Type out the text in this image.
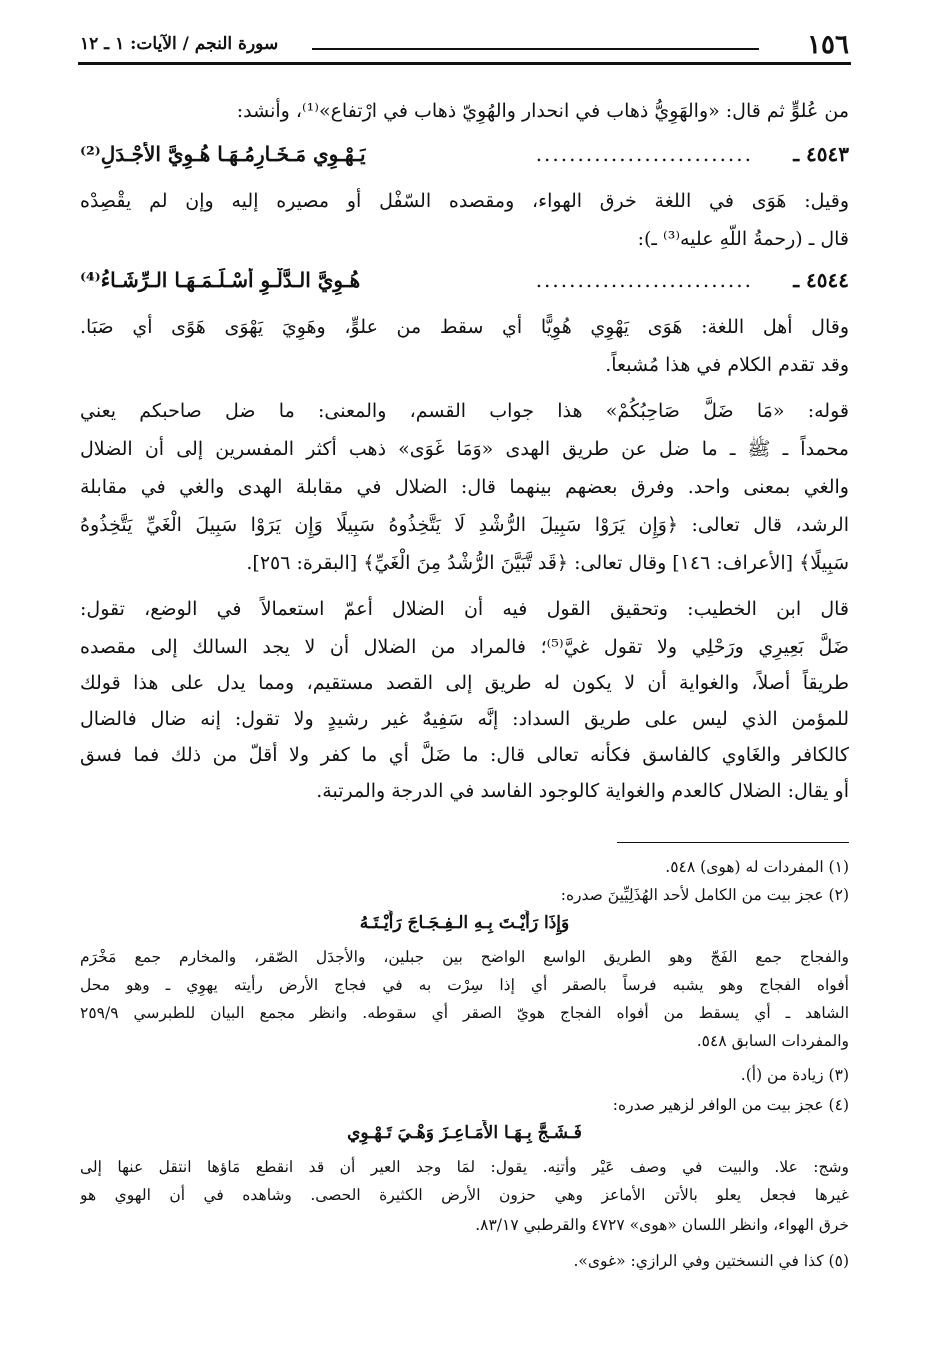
١٥٦
سورة النجم / الآيات: ١ ـ ١٢
من عُلوٍّ ثم قال: «والهَوِيُّ ذهاب في انحدار والهُوِيّ ذهاب في ارْتفاع»⁽¹⁾، وأنشد:
٤٥٤٣ ـ
..........................
يَـهْـوِي مَـخَـارِمُـهَـا هُـوِيَّ الأَجْـدَلِ⁽²⁾
وقيل: هَوَى في اللغة خرق الهواء، ومقصده السّفْل أو مصيره إليه وإن لم يقْصِدْه
قال ـ (رحمةُ اللّهِ عليه⁽³⁾ ـ):
٤٥٤٤ ـ
..........................
هُـوِيَّ الـدَّلْـوِ أَسْـلَـمَـهَـا الـرِّشَـاءُ⁽⁴⁾
وقال أهل اللغة: هَوَى يَهْوِي هُوِيًّا أي سقط من علوٍّ، وهَوِيَ يَهْوَى هَوًى أي صَبَا.
وقد تقدم الكلام في هذا مُشبعاً.
قوله: «مَا ضَلَّ صَاحِبُكُمْ» هذا جواب القسم، والمعنى: ما ضل صاحبكم يعني
محمداً ـ ﷺ ـ ما ضل عن طريق الهدى «وَمَا غَوَى» ذهب أكثر المفسرين إلى أن الضلال
والغي بمعنى واحد. وفرق بعضهم بينهما قال: الضلال في مقابلة الهدى والغي في مقابلة
الرشد، قال تعالى: ﴿وَإِن يَرَوْا سَبِيلَ الرُّشْدِ لَا يَتَّخِذُوهُ سَبِيلًا وَإِن يَرَوْا سَبِيلَ الْغَيِّ يَتَّخِذُوهُ
سَبِيلًا﴾ [الأعراف: ١٤٦] وقال تعالى: ﴿قَد تَّبَيَّنَ الرُّشْدُ مِنَ الْغَيِّ﴾ [البقرة: ٢٥٦].
قال ابن الخطيب: وتحقيق القول فيه أن الضلال أعمّ استعمالاً في الوضع، تقول:
ضَلَّ بَعِيرِي ورَحْلِي ولا تقول غيَّ⁽⁵⁾؛ فالمراد من الضلال أن لا يجد السالك إلى مقصده
طريقاً أصلاً، والغواية أن لا يكون له طريق إلى القصد مستقيم، ومما يدل على هذا قولك
للمؤمن الذي ليس على طريق السداد: إنَّه سَفِيهٌ غير رشيدٍ ولا تقول: إنه ضال فالضال
كالكافر والغَاوي كالفاسق فكأنه تعالى قال: ما ضَلَّ أي ما كفر ولا أقلّ من ذلك فما فسق
أو يقال: الضلال كالعدم والغواية كالوجود الفاسد في الدرجة والمرتبة.
(١) المفردات له (هوى) ٥٤٨.
(٢) عجز بيت من الكامل لأحد الهُذَلِيِّينَ صدره:
وَإِذَا رَأَيْـتَ بِـهِ الـفِـجَـاجَ رَأَيْـتَـهُ
والفجاج جمع الفَجّ وهو الطريق الواسع الواضح بين جبلين، والأجدَل الصّقر، والمخارم جمع مَخْرَم
أفواه الفجاج وهو يشبه فرساً بالصقر أي إذا سِرْت به في فجاج الأرض رأيته يهوِي ـ وهو محل
الشاهد ـ أي يسقط من أفواه الفجاج هويّ الصقر أي سقوطه. وانظر مجمع البيان للطبرسي ٢٥٩/٩
والمفردات السابق ٥٤٨.
(٣) زيادة من (أ).
(٤) عجز بيت من الوافر لزهير صدره:
فَـشَـجَّ بِـهَـا الأَمَـاعِـزَ وَهْـيَ تَـهْـوِي
وشج: علا. والبيت في وصف عَيْر وأتنِه. يقول: لمَا وجد العير أن قد انقطع مَاؤها انتقل عنها إلى
غيرها فجعل يعلو بالأتن الأماعز وهي حزون الأرض الكثيرة الحصى. وشاهده في أن الهوي هو
خرق الهواء، وانظر اللسان «هوى» ٤٧٢٧ والقرطبي ٨٣/١٧.
(٥) كذا في النسختين وفي الرازي: «غوى».
